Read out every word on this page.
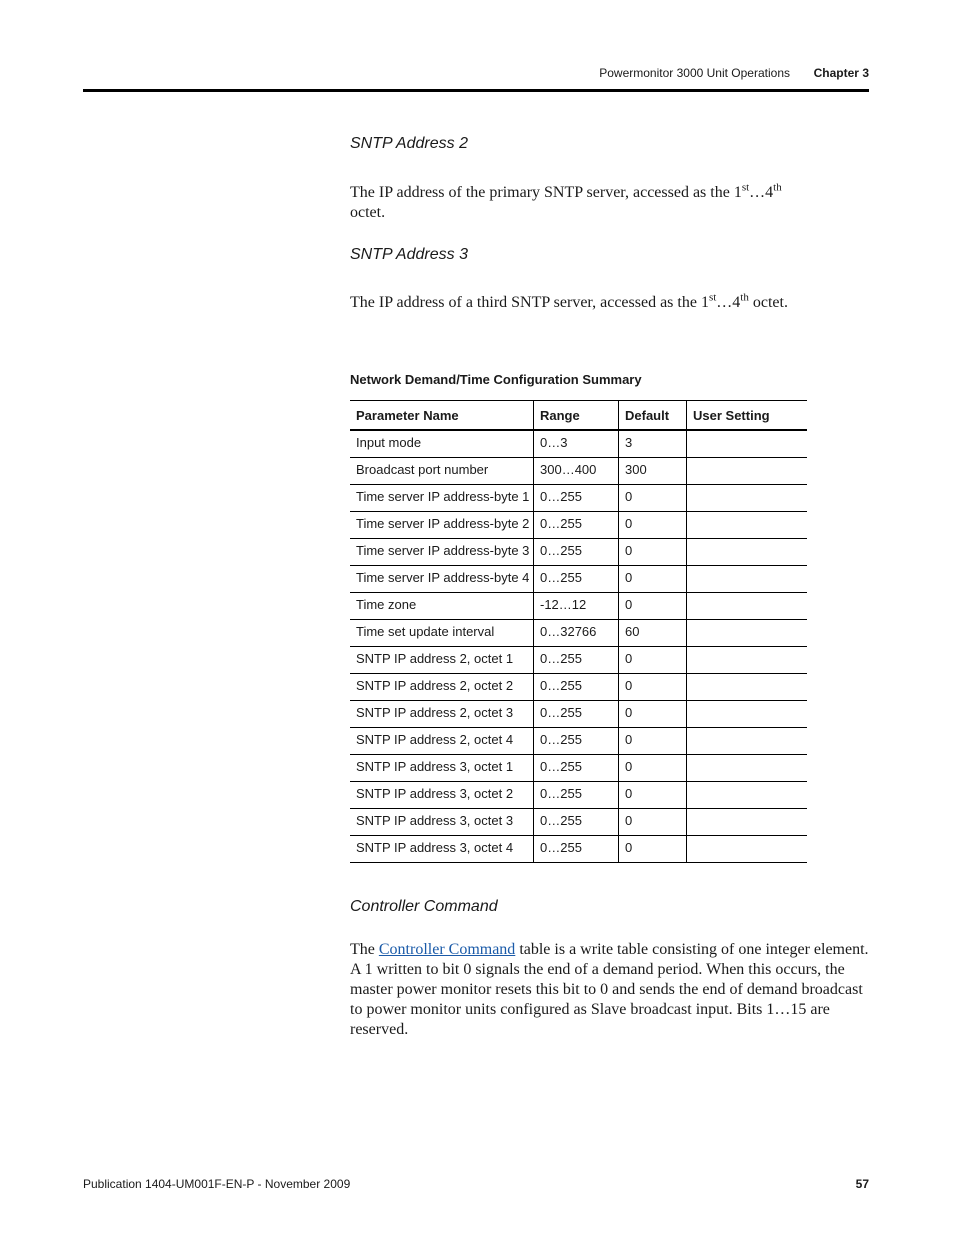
Powermonitor 3000 Unit Operations Chapter 3
SNTP Address 2
The IP address of the primary SNTP server, accessed as the 1st…4th
octet.
SNTP Address 3
The IP address of a third SNTP server, accessed as the 1st…4th octet.
Network Demand/Time Configuration Summary
Parameter Name	Range	Default	User Setting
Input mode	0…3	3	
Broadcast port number	300…400	300	
Time server IP address-byte 1	0…255	0	
Time server IP address-byte 2	0…255	0	
Time server IP address-byte 3	0…255	0	
Time server IP address-byte 4	0…255	0	
Time zone	-12…12	0	
Time set update interval	0…32766	60	
SNTP IP address 2, octet 1	0…255	0	
SNTP IP address 2, octet 2	0…255	0	
SNTP IP address 2, octet 3	0…255	0	
SNTP IP address 2, octet 4	0…255	0	
SNTP IP address 3, octet 1	0…255	0	
SNTP IP address 3, octet 2	0…255	0	
SNTP IP address 3, octet 3	0…255	0	
SNTP IP address 3, octet 4	0…255	0	
Controller Command
The Controller Command table is a write table consisting of one integer element. A 1 written to bit 0 signals the end of a demand period. When this occurs, the master power monitor resets this bit to 0 and sends the end of demand broadcast to power monitor units configured as Slave broadcast input. Bits 1…15 are reserved.
Publication 1404-UM001F-EN-P - November 2009	57
